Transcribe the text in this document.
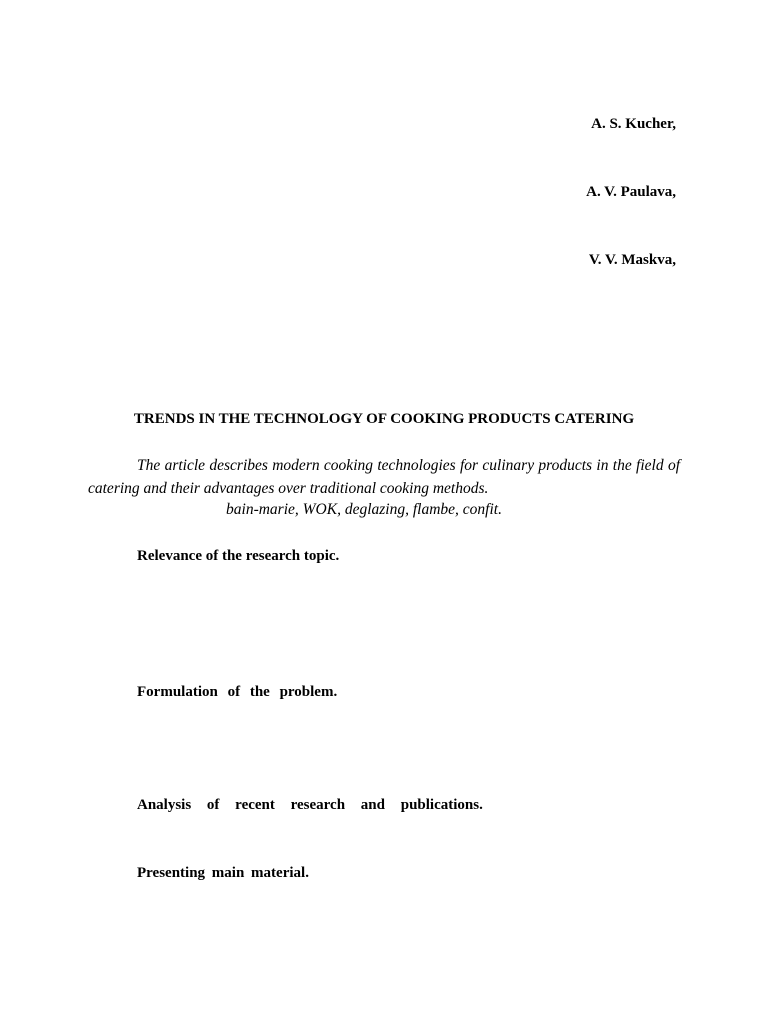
A. S. Kucher,
A. V. Paulava,
V. V. Maskva,
TRENDS IN THE TECHNOLOGY OF COOKING PRODUCTS CATERING

The article describes modern cooking technologies for culinary products in the field of catering and their advantages over traditional cooking methods.

bain-marie, WOK, deglazing, flambe, confit.
Relevance of the research topic.
Formulation of the problem.
Analysis of recent research and publications.
Presenting main material.
